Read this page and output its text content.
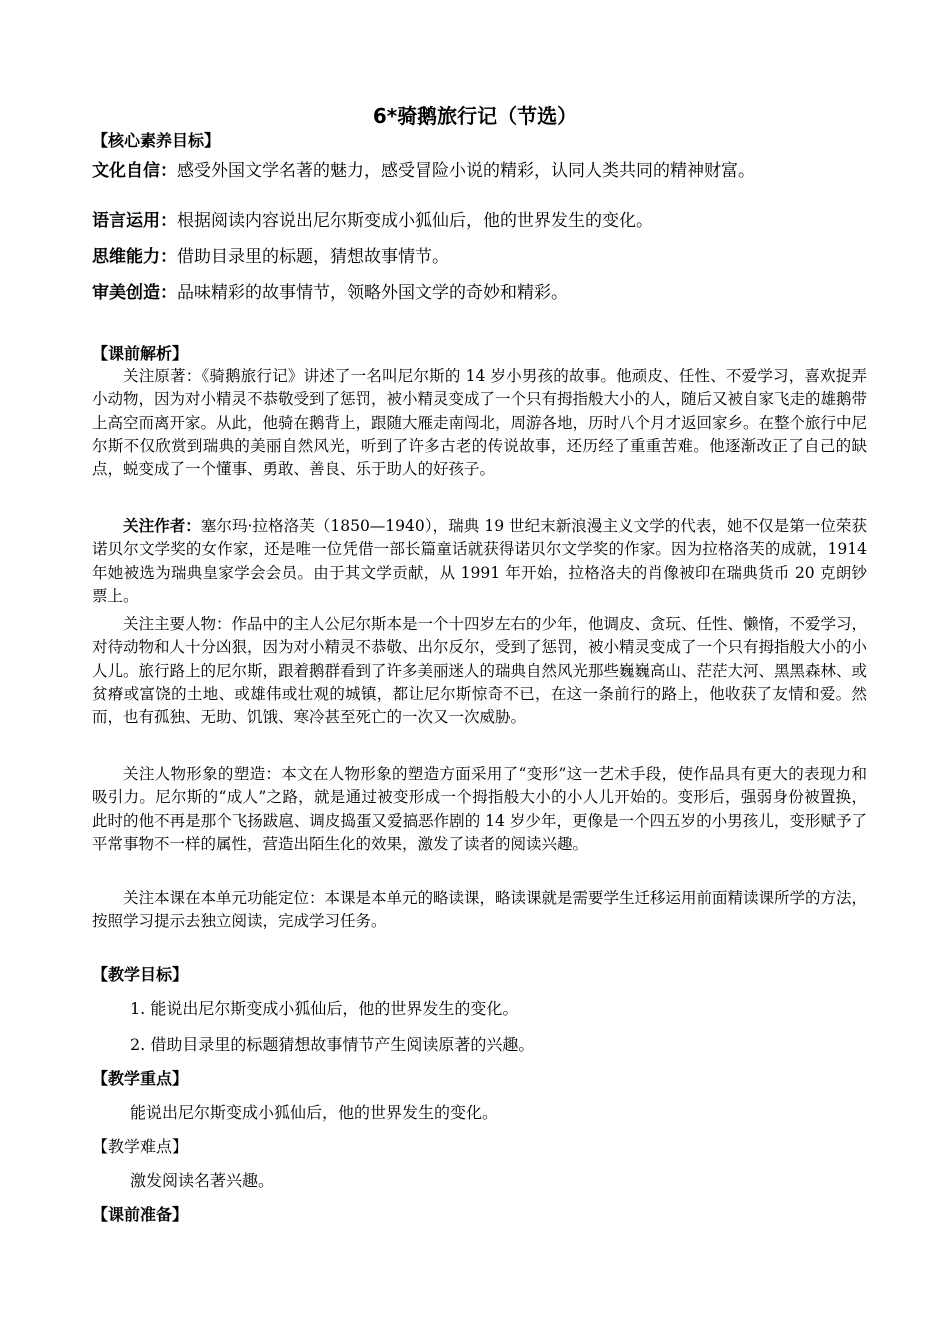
6*骑鹅旅行记（节选）
【核心素养目标】
文化自信：感受外国文学名著的魅力，感受冒险小说的精彩，认同人类共同的精神财富。
语言运用：根据阅读内容说出尼尔斯变成小狐仙后，他的世界发生的变化。
思维能力：借助目录里的标题，猜想故事情节。
审美创造：品味精彩的故事情节，领略外国文学的奇妙和精彩。
【课前解析】
关注原著：《骑鹅旅行记》讲述了一名叫尼尔斯的 14 岁小男孩的故事。他顽皮、任性、不爱学习，喜欢捉弄小动物，因为对小精灵不恭敬受到了惩罚，被小精灵变成了一个只有拇指般大小的人，随后又被自家飞走的雄鹅带上高空而离开家。从此，他骑在鹅背上，跟随大雁走南闯北，周游各地，历时八个月才返回家乡。在整个旅行中尼尔斯不仅欣赏到瑞典的美丽自然风光，听到了许多古老的传说故事，还历经了重重苦难。他逐渐改正了自己的缺点，蜕变成了一个懂事、勇敢、善良、乐于助人的好孩子。
关注作者：塞尔玛·拉格洛芙（1850—1940），瑞典 19 世纪末新浪漫主义文学的代表，她不仅是第一位荣获诺贝尔文学奖的女作家，还是唯一位凭借一部长篇童话就获得诺贝尔文学奖的作家。因为拉格洛芙的成就，1914 年她被选为瑞典皇家学会会员。由于其文学贡献，从 1991 年开始，拉格洛夫的肖像被印在瑞典货币 20 克朗钞票上。
关注主要人物：作品中的主人公尼尔斯本是一个十四岁左右的少年，他调皮、贪玩、任性、懒惰，不爱学习，对待动物和人十分凶狠，因为对小精灵不恭敬、出尔反尔，受到了惩罚，被小精灵变成了一个只有拇指般大小的小人儿。旅行路上的尼尔斯，跟着鹅群看到了许多美丽迷人的瑞典自然风光那些巍巍高山、茫茫大河、黑黑森林、或贫瘠或富饶的土地、或雄伟或壮观的城镇，都让尼尔斯惊奇不已，在这一条前行的路上，他收获了友情和爱。然而，也有孤独、无助、饥饿、寒冷甚至死亡的一次又一次威胁。
关注人物形象的塑造：本文在人物形象的塑造方面采用了“变形”这一艺术手段，使作品具有更大的表现力和吸引力。尼尔斯的“成人”之路，就是通过被变形成一个拇指般大小的小人儿开始的。变形后，强弱身份被置换，此时的他不再是那个飞扬跋扈、调皮捣蛋又爱搞恶作剧的 14 岁少年，更像是一个四五岁的小男孩儿，变形赋予了平常事物不一样的属性，营造出陌生化的效果，激发了读者的阅读兴趣。
关注本课在本单元功能定位：本课是本单元的略读课，略读课就是需要学生迁移运用前面精读课所学的方法，按照学习提示去独立阅读，完成学习任务。
【教学目标】
1. 能说出尼尔斯变成小狐仙后，他的世界发生的变化。
2. 借助目录里的标题猜想故事情节产生阅读原著的兴趣。
【教学重点】
能说出尼尔斯变成小狐仙后，他的世界发生的变化。
【教学难点】
激发阅读名著兴趣。
【课前准备】
